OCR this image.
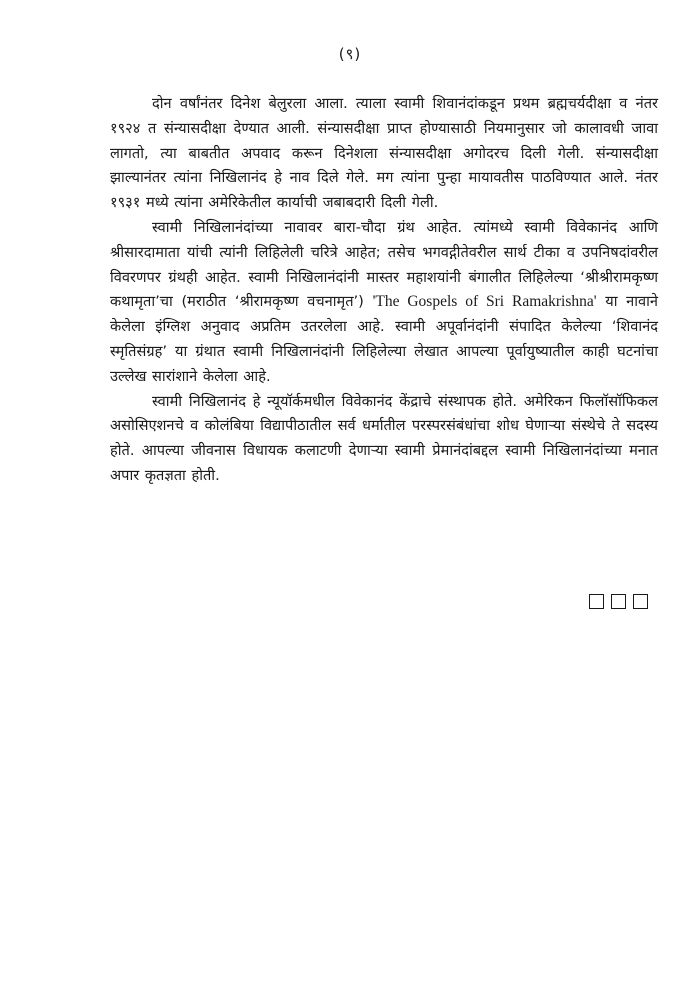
(९)

दोन वर्षांनंतर दिनेश बेलुरला आला. त्याला स्वामी शिवानंदांकडून प्रथम ब्रह्मचर्यदीक्षा व नंतर १९२४ त संन्यासदीक्षा देण्यात आली. संन्यासदीक्षा प्राप्त होण्यासाठी नियमानुसार जो कालावधी जावा लागतो, त्या बाबतीत अपवाद करून दिनेशला संन्यासदीक्षा अगोदरच दिली गेली. संन्यासदीक्षा झाल्यानंतर त्यांना निखिलानंद हे नाव दिले गेले. मग त्यांना पुन्हा मायावतीस पाठविण्यात आले. नंतर १९३१ मध्ये त्यांना अमेरिकेतील कार्याची जबाबदारी दिली गेली.

स्वामी निखिलानंदांच्या नावावर बारा-चौदा ग्रंथ आहेत. त्यांमध्ये स्वामी विवेकानंद आणि श्रीसारदामाता यांची त्यांनी लिहिलेली चरित्रे आहेत; तसेच भगवद्गीतेवरील सार्थ टीका व उपनिषदांवरील विवरणपर ग्रंथही आहेत. स्वामी निखिलानंदांनी मास्तर महाशयांनी बंगालीत लिहिलेल्या ‘श्रीश्रीरामकृष्ण कथामृता’चा (मराठीत ‘श्रीरामकृष्ण वचनामृत’) 'The Gospels of Sri Ramakrishna' या नावाने केलेला इंग्लिश अनुवाद अप्रतिम उतरलेला आहे. स्वामी अपूर्वानंदांनी संपादित केलेल्या ‘शिवानंद स्मृतिसंग्रह’ या ग्रंथात स्वामी निखिलानंदांनी लिहिलेल्या लेखात आपल्या पूर्वायुष्यातील काही घटनांचा उल्लेख सारांशाने केलेला आहे.

स्वामी निखिलानंद हे न्यूयॉर्कमधील विवेकानंद केंद्राचे संस्थापक होते. अमेरिकन फिलॉसॉफिकल असोसिएशनचे व कोलंबिया विद्यापीठातील सर्व धर्मातील परस्परसंबंधांचा शोध घेणाऱ्या संस्थेचे ते सदस्य होते. आपल्या जीवनास विधायक कलाटणी देणाऱ्या स्वामी प्रेमानंदांबद्दल स्वामी निखिलानंदांच्या मनात अपार कृतज्ञता होती.
